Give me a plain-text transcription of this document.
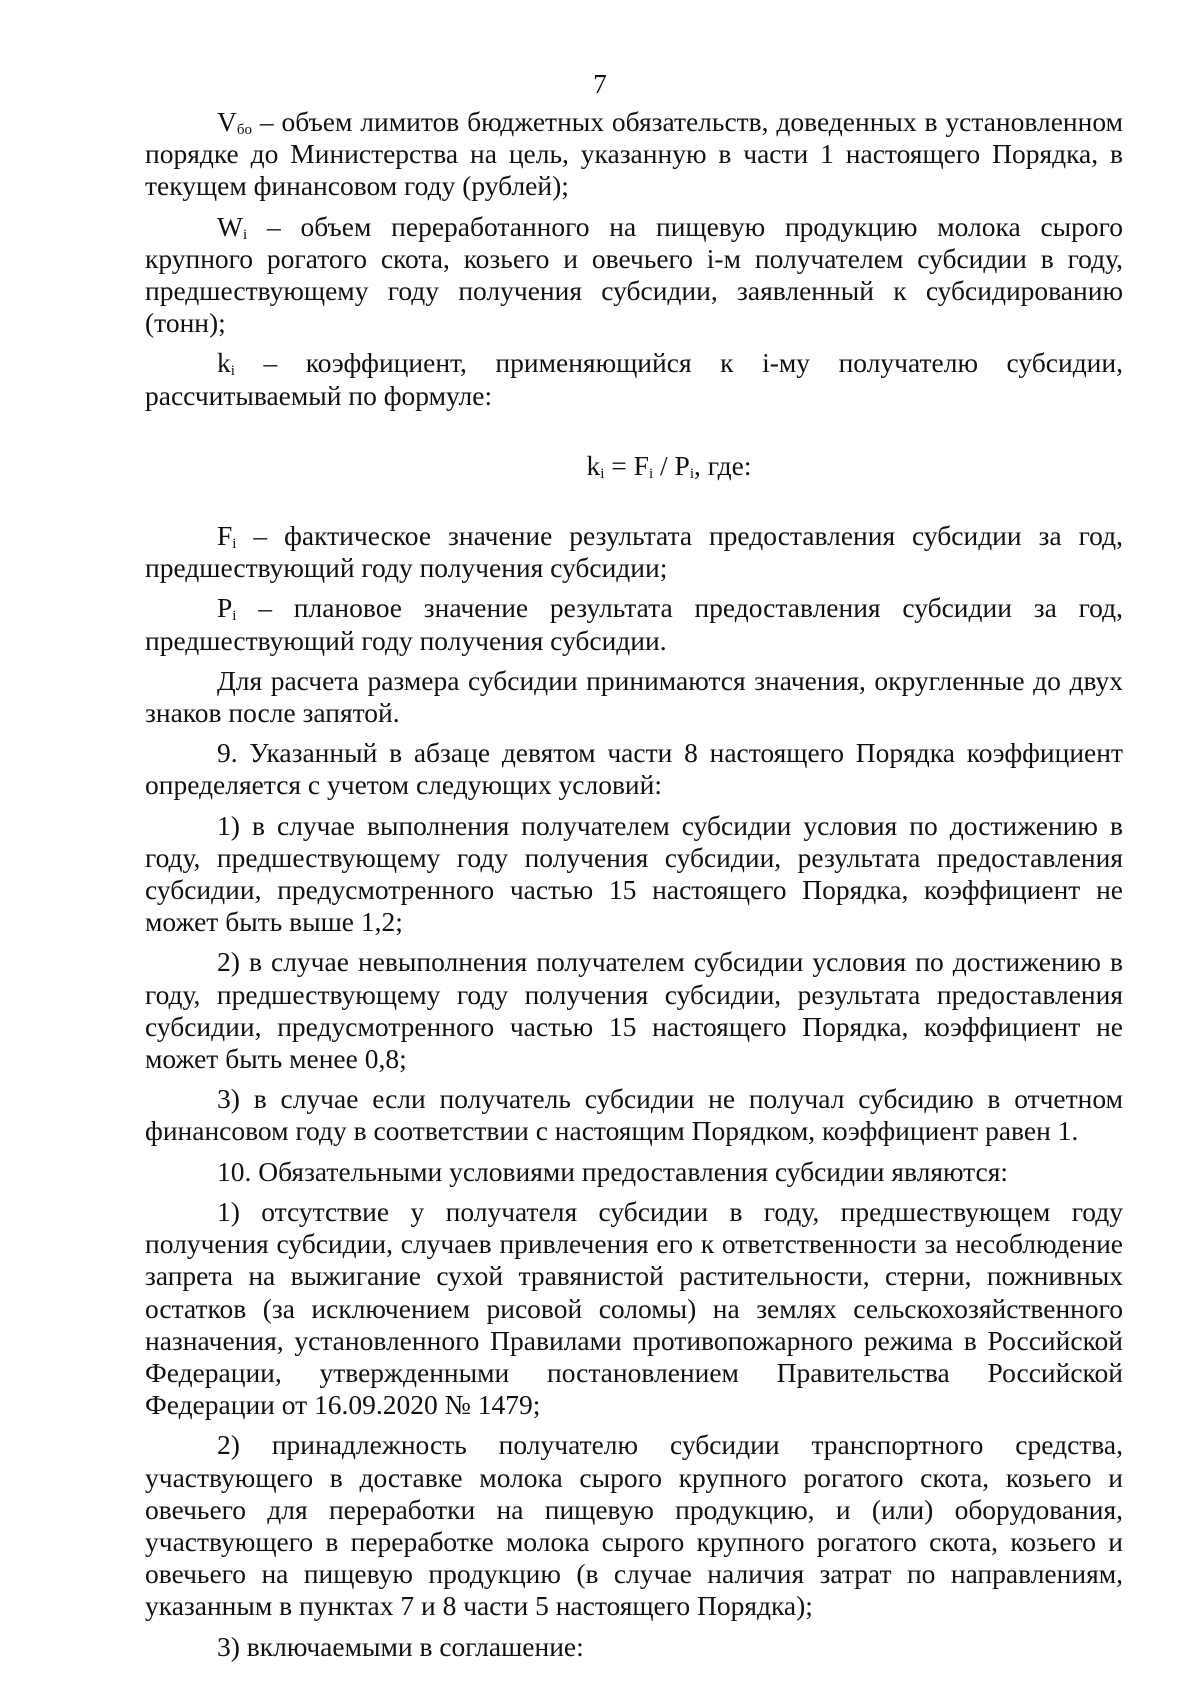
7

$V_{бо}$ – объем лимитов бюджетных обязательств, доведенных в установленном порядке до Министерства на цель, указанную в части 1 настоящего Порядка, в текущем финансовом году (рублей);

$W_i$ – объем переработанного на пищевую продукцию молока сырого крупного рогатого скота, козьего и овечьего i-м получателем субсидии в году, предшествующему году получения субсидии, заявленный к субсидированию (тонн);

$k_i$ – коэффициент, применяющийся к i-му получателю субсидии, рассчитываемый по формуле:

$k_i = F_i / P_i$, где:

$F_i$ – фактическое значение результата предоставления субсидии за год, предшествующий году получения субсидии;

$P_i$ – плановое значение результата предоставления субсидии за год, предшествующий году получения субсидии.

Для расчета размера субсидии принимаются значения, округленные до двух знаков после запятой.

9. Указанный в абзаце девятом части 8 настоящего Порядка коэффициент определяется с учетом следующих условий:

1) в случае выполнения получателем субсидии условия по достижению в году, предшествующему году получения субсидии, результата предоставления субсидии, предусмотренного частью 15 настоящего Порядка, коэффициент не может быть выше 1,2;

2) в случае невыполнения получателем субсидии условия по достижению в году, предшествующему году получения субсидии, результата предоставления субсидии, предусмотренного частью 15 настоящего Порядка, коэффициент не может быть менее 0,8;

3) в случае если получатель субсидии не получал субсидию в отчетном финансовом году в соответствии с настоящим Порядком, коэффициент равен 1.

10. Обязательными условиями предоставления субсидии являются:

1) отсутствие у получателя субсидии в году, предшествующем году получения субсидии, случаев привлечения его к ответственности за несоблюдение запрета на выжигание сухой травянистой растительности, стерни, пожнивных остатков (за исключением рисовой соломы) на землях сельскохозяйственного назначения, установленного Правилами противопожарного режима в Российской Федерации, утвержденными постановлением Правительства Российской Федерации от 16.09.2020 № 1479;

2) принадлежность получателю субсидии транспортного средства, участвующего в доставке молока сырого крупного рогатого скота, козьего и овечьего для переработки на пищевую продукцию, и (или) оборудования, участвующего в переработке молока сырого крупного рогатого скота, козьего и овечьего на пищевую продукцию (в случае наличия затрат по направлениям, указанным в пунктах 7 и 8 части 5 настоящего Порядка);

3) включаемыми в соглашение:
